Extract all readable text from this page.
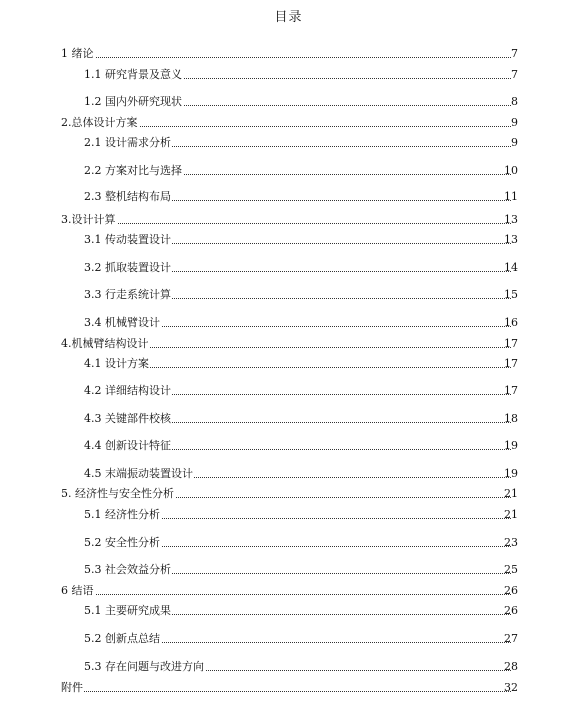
目录
1 绪论	7
1.1 研究背景及意义	7
1.2 国内外研究现状	8
2.总体设计方案	9
2.1 设计需求分析	9
2.2 方案对比与选择	10
2.3 整机结构布局	11
3.设计计算	13
3.1 传动装置设计	13
3.2 抓取装置设计	14
3.3 行走系统计算	15
3.4 机械臂设计	16
4.机械臂结构设计	17
4.1 设计方案	17
4.2 详细结构设计	17
4.3 关键部件校核	18
4.4 创新设计特征	19
4.5 末端振动装置设计	19
5. 经济性与安全性分析	21
5.1 经济性分析	21
5.2 安全性分析	23
5.3 社会效益分析	25
6 结语	26
5.1 主要研究成果	26
5.2 创新点总结	27
5.3 存在问题与改进方向	28
附件	32
